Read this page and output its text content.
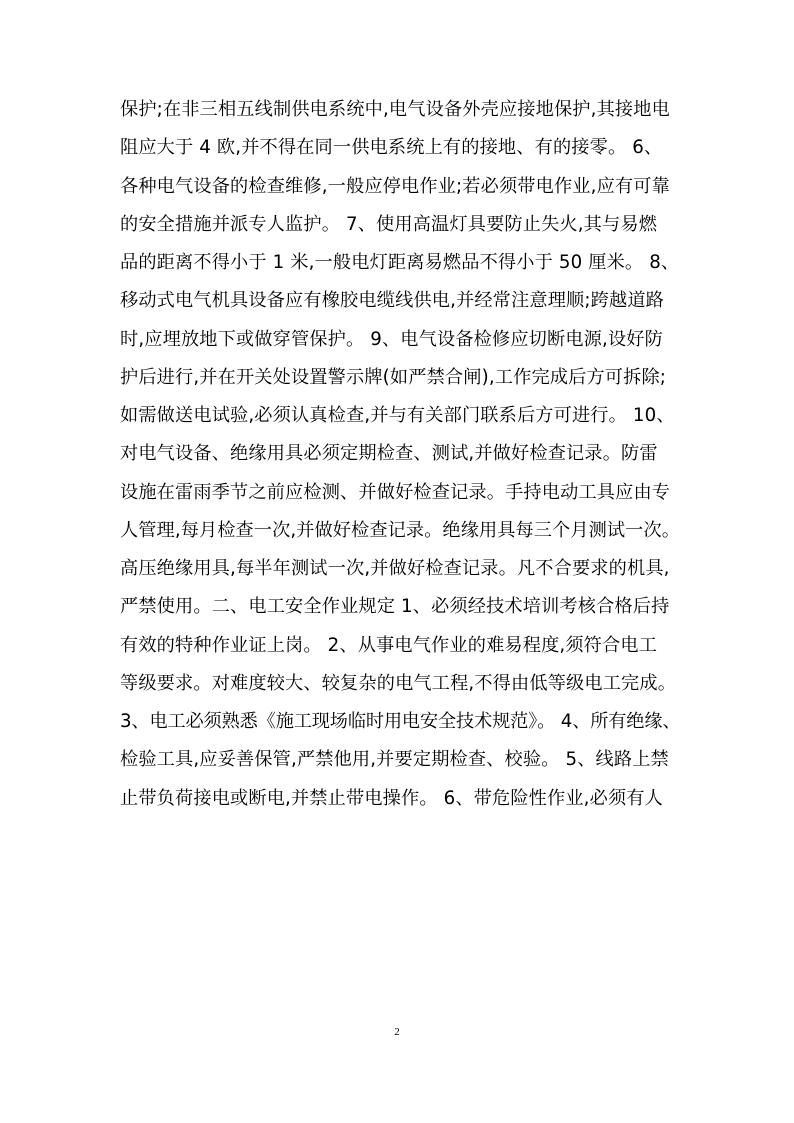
保护;在非三相五线制供电系统中,电气设备外壳应接地保护,其接地电
阻应大于 4 欧,并不得在同一供电系统上有的接地、有的接零。 6、
各种电气设备的检查维修,一般应停电作业;若必须带电作业,应有可靠
的安全措施并派专人监护。 7、使用高温灯具要防止失火,其与易燃
品的距离不得小于 1 米,一般电灯距离易燃品不得小于 50 厘米。 8、
移动式电气机具设备应有橡胶电缆线供电,并经常注意理顺;跨越道路
时,应埋放地下或做穿管保护。 9、电气设备检修应切断电源,设好防
护后进行,并在开关处设置警示牌(如严禁合闸),工作完成后方可拆除;
如需做送电试验,必须认真检查,并与有关部门联系后方可进行。 10、
对电气设备、绝缘用具必须定期检查、测试,并做好检查记录。防雷
设施在雷雨季节之前应检测、并做好检查记录。手持电动工具应由专
人管理,每月检查一次,并做好检查记录。绝缘用具每三个月测试一次。
高压绝缘用具,每半年测试一次,并做好检查记录。凡不合要求的机具,
严禁使用。二、电工安全作业规定 1、必须经技术培训考核合格后持
有效的特种作业证上岗。 2、从事电气作业的难易程度,须符合电工
等级要求。对难度较大、较复杂的电气工程,不得由低等级电工完成。
3、电工必须熟悉《施工现场临时用电安全技术规范》。 4、所有绝缘、
检验工具,应妥善保管,严禁他用,并要定期检查、校验。 5、线路上禁
止带负荷接电或断电,并禁止带电操作。 6、带危险性作业,必须有人
2
